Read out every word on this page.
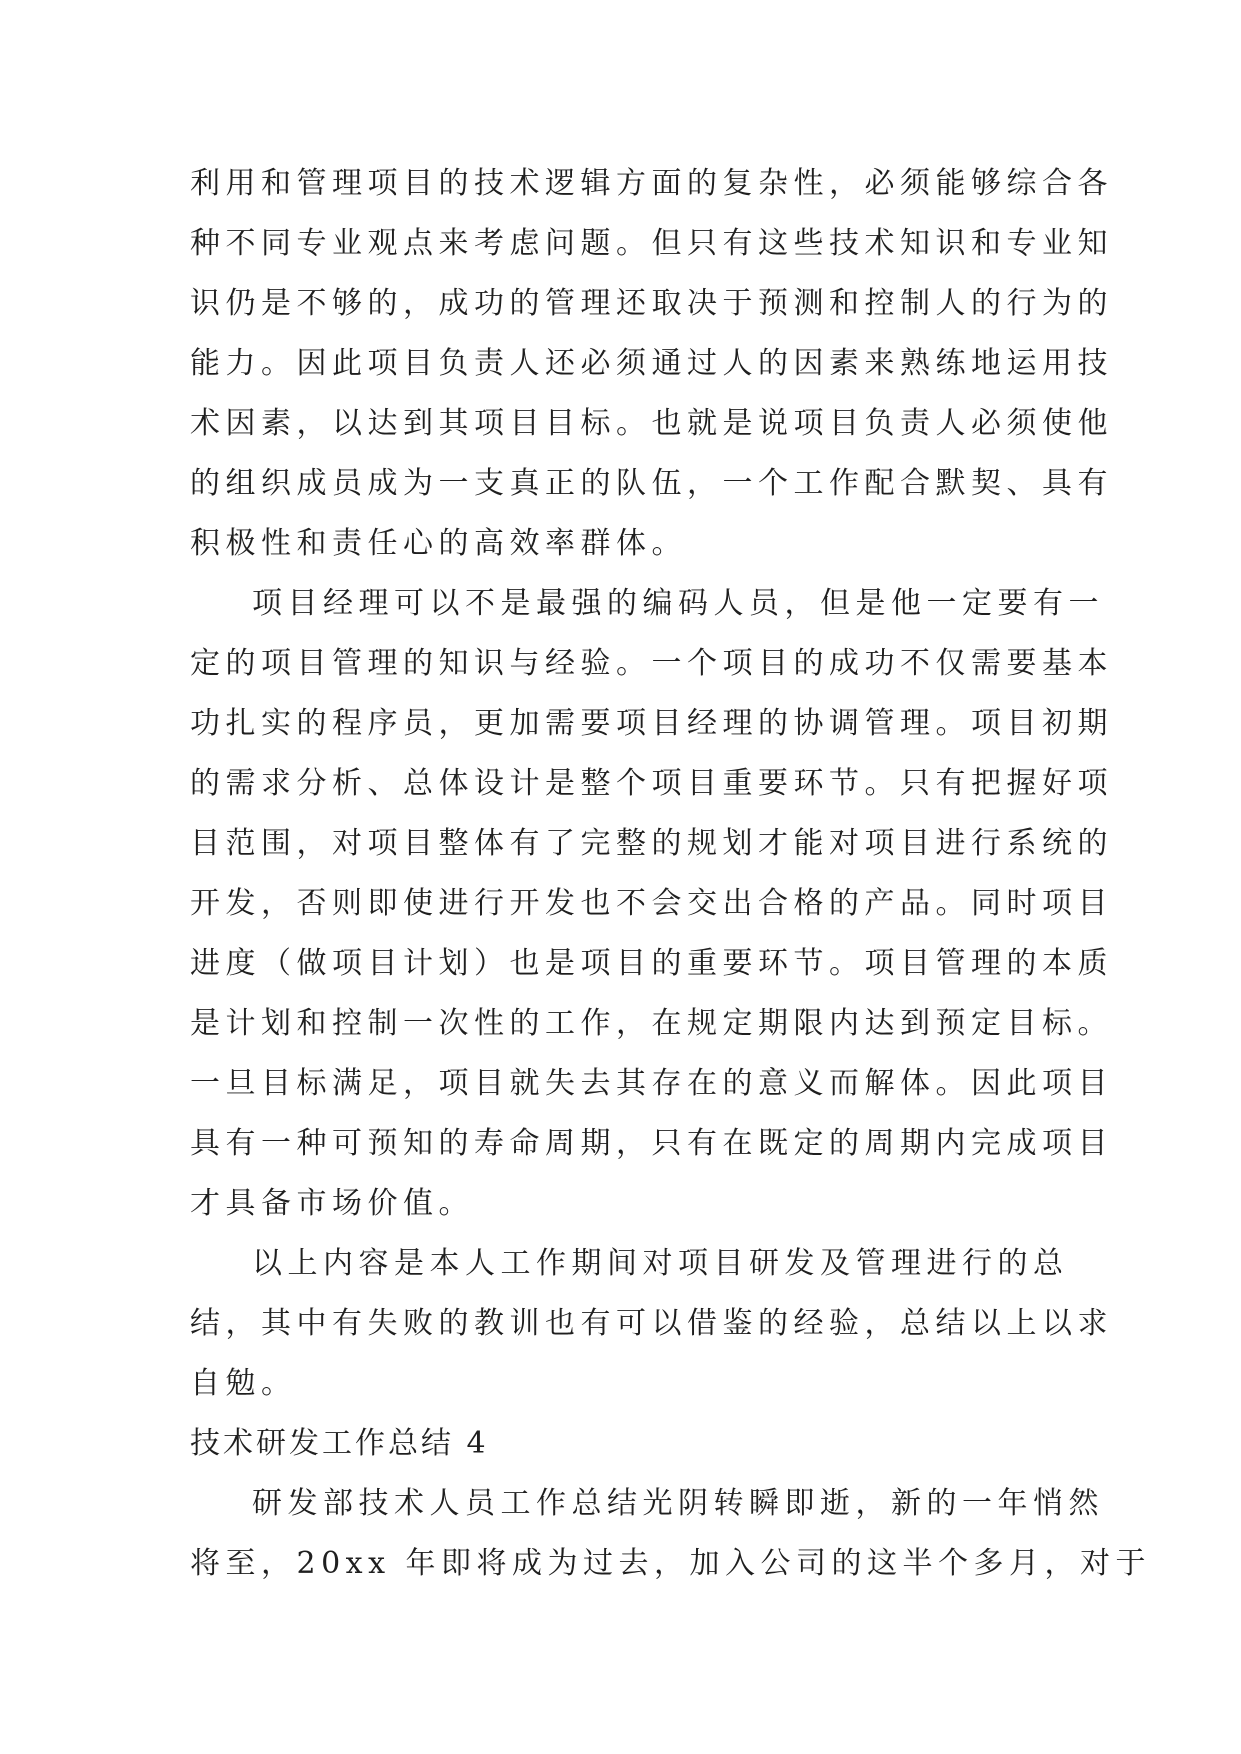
利用和管理项目的技术逻辑方面的复杂性，必须能够综合各
种不同专业观点来考虑问题。但只有这些技术知识和专业知
识仍是不够的，成功的管理还取决于预测和控制人的行为的
能力。因此项目负责人还必须通过人的因素来熟练地运用技
术因素，以达到其项目目标。也就是说项目负责人必须使他
的组织成员成为一支真正的队伍，一个工作配合默契、具有
积极性和责任心的高效率群体。
项目经理可以不是最强的编码人员，但是他一定要有一
定的项目管理的知识与经验。一个项目的成功不仅需要基本
功扎实的程序员，更加需要项目经理的协调管理。项目初期
的需求分析、总体设计是整个项目重要环节。只有把握好项
目范围，对项目整体有了完整的规划才能对项目进行系统的
开发，否则即使进行开发也不会交出合格的产品。同时项目
进度（做项目计划）也是项目的重要环节。项目管理的本质
是计划和控制一次性的工作，在规定期限内达到预定目标。
一旦目标满足，项目就失去其存在的意义而解体。因此项目
具有一种可预知的寿命周期，只有在既定的周期内完成项目
才具备市场价值。
以上内容是本人工作期间对项目研发及管理进行的总
结，其中有失败的教训也有可以借鉴的经验，总结以上以求
自勉。
技术研发工作总结 4
研发部技术人员工作总结光阴转瞬即逝，新的一年悄然
将至，20xx 年即将成为过去，加入公司的这半个多月，对于
